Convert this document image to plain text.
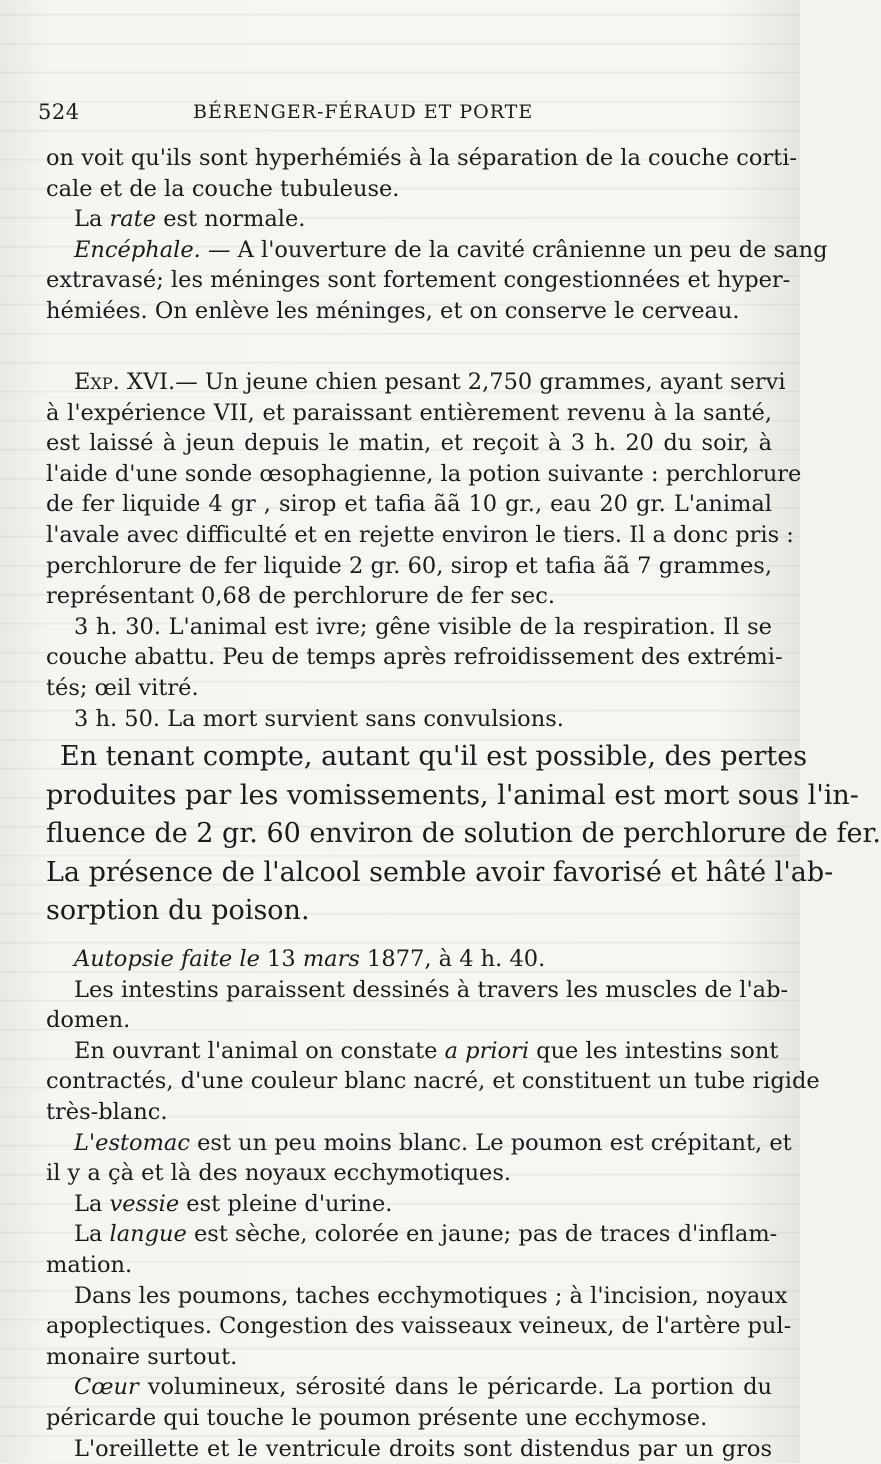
524	BÉRENGER-FÉRAUD ET PORTE
on voit qu'ils sont hyperhémiés à la séparation de la couche corti-
cale et de la couche tubuleuse.
La rate est normale.
Encéphale. — A l'ouverture de la cavité crânienne un peu de sang
extravasé; les méninges sont fortement congestionnées et hyper-
hémiées. On enlève les méninges, et on conserve le cerveau.
Exp. XVI.— Un jeune chien pesant 2,750 grammes, ayant servi
à l'expérience VII, et paraissant entièrement revenu à la santé,
est laissé à jeun depuis le matin, et reçoit à 3 h. 20 du soir, à
l'aide d'une sonde œsophagienne, la potion suivante : perchlorure
de fer liquide 4 gr , sirop et tafia ãã 10 gr., eau 20 gr. L'animal
l'avale avec difficulté et en rejette environ le tiers. Il a donc pris :
perchlorure de fer liquide 2 gr. 60, sirop et tafia ãã 7 grammes,
représentant 0,68 de perchlorure de fer sec.
3 h. 30. L'animal est ivre; gêne visible de la respiration. Il se
couche abattu. Peu de temps après refroidissement des extrémi-
tés; œil vitré.
3 h. 50. La mort survient sans convulsions.
En tenant compte, autant qu'il est possible, des pertes
produites par les vomissements, l'animal est mort sous l'in-
fluence de 2 gr. 60 environ de solution de perchlorure de fer.
La présence de l'alcool semble avoir favorisé et hâté l'ab-
sorption du poison.
Autopsie faite le 13 mars 1877, à 4 h. 40.
Les intestins paraissent dessinés à travers les muscles de l'ab-
domen.
En ouvrant l'animal on constate a priori que les intestins sont
contractés, d'une couleur blanc nacré, et constituent un tube rigide
très-blanc.
L'estomac est un peu moins blanc. Le poumon est crépitant, et
il y a çà et là des noyaux ecchymotiques.
La vessie est pleine d'urine.
La langue est sèche, colorée en jaune; pas de traces d'inflam-
mation.
Dans les poumons, taches ecchymotiques ; à l'incision, noyaux
apoplectiques. Congestion des vaisseaux veineux, de l'artère pul-
monaire surtout.
Cœur volumineux, sérosité dans le péricarde. La portion du
péricarde qui touche le poumon présente une ecchymose.
L'oreillette et le ventricule droits sont distendus par un gros
